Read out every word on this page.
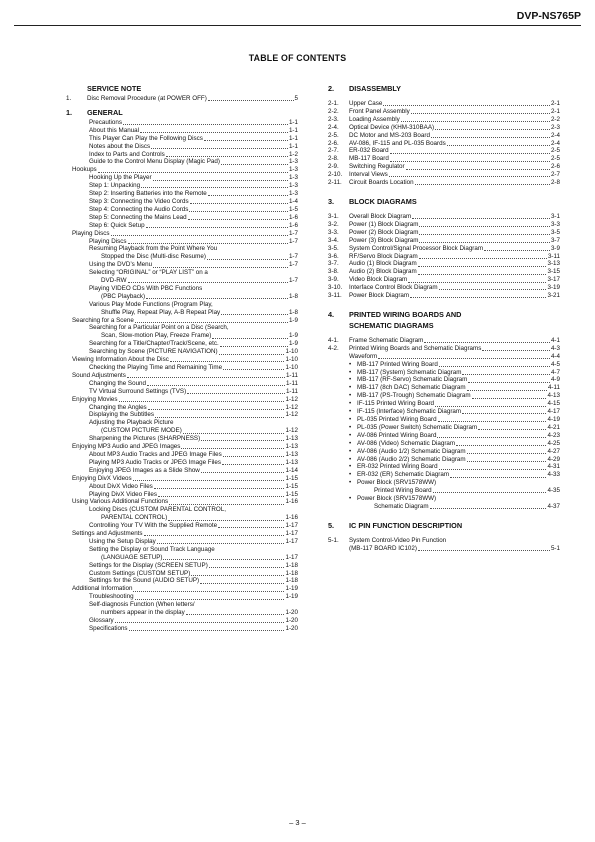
DVP-NS765P
TABLE OF CONTENTS
SERVICE NOTE
1.	Disc Removal Procedure (at POWER OFF)	5
1.	GENERAL
Precautions	1-1
About this Manual	1-1
This Player Can Play the Following Discs	1-1
Notes about the Discs	1-1
Index to Parts and Controls	1-2
Guide to the Control Menu Display (Magic Pad)	1-3
Hookups	1-3
Hooking Up the Player	1-3
Step 1: Unpacking	1-3
Step 2: Inserting Batteries into the Remote	1-3
Step 3: Connecting the Video Cords	1-4
Step 4: Connecting the Audio Cords	1-5
Step 5: Connecting the Mains Lead	1-6
Step 6: Quick Setup	1-6
Playing Discs	1-7
Playing Discs	1-7
Resuming Playback from the Point Where You
Stopped the Disc (Multi-disc Resume)	1-7
Using the DVD’s Menu	1-7
Selecting “ORIGINAL” or “PLAY LIST” on a
DVD-RW	1-7
Playing VIDEO CDs With PBC Functions
(PBC Playback)	1-8
Various Play Mode Functions (Program Play,
Shuffle Play, Repeat Play, A-B Repeat Play	1-8
Searching for a Scene	1-9
Searching for a Particular Point on a Disc (Search,
Scan, Slow-motion Play, Freeze Frame)	1-9
Searching for a Title/Chapter/Track/Scene, etc.	1-9
Searching by Scene (PICTURE NAVIGATION)	1-10
Viewing Information About the Disc	1-10
Checking the Playing Time and Remaining Time	1-10
Sound Adjustments	1-11
Changing the Sound	1-11
TV Virtual Surround Settings (TVS)	1-11
Enjoying Movies	1-12
Changing the Angles	1-12
Displaying the Subtitles	1-12
Adjusting the Playback Picture
(CUSTOM PICTURE MODE)	1-12
Sharpening the Pictures (SHARPNESS)	1-13
Enjoying MP3 Audio and JPEG Images	1-13
About MP3 Audio Tracks and JPEG Image Files	1-13
Playing MP3 Audio Tracks or JPEG Image Files	1-13
Enjoying JPEG Images as a Slide Show	1-14
Enjoying DivX Videos	1-15
About DivX Video Files	1-15
Playing DivX Video Files	1-15
Using Various Additional Functions	1-16
Locking Discs (CUSTOM PARENTAL CONTROL,
PARENTAL CONTROL)	1-16
Controlling Your TV With the Supplied Remote	1-17
Settings and Adjustments	1-17
Using the Setup Display	1-17
Setting the Display or Sound Track Language
(LANGUAGE SETUP)	1-17
Settings for the Display (SCREEN SETUP)	1-18
Custom Settings (CUSTOM SETUP)	1-18
Settings for the Sound (AUDIO SETUP)	1-18
Additional Information	1-19
Troubleshooting	1-19
Self-diagnosis Function (When letters/
numbers appear in the display	1-20
Glossary	1-20
Specifications	1-20
2.	DISASSEMBLY
2-1.	Upper Case	2-1
2-2.	Front Panel Assembly	2-1
2-3.	Loading Assembly	2-2
2-4.	Optical Device (KHM-310BAA)	2-3
2-5.	DC Motor and MS-203 Board	2-4
2-6.	AV-086, IF-115 and PL-035 Boards	2-4
2-7.	ER-032 Board	2-5
2-8.	MB-117 Board	2-5
2-9.	Switching Regulator	2-6
2-10.	Interval Views	2-7
2-11.	Circuit Boards Location	2-8
3.	BLOCK DIAGRAMS
3-1.	Overall Block Diagram	3-1
3-2.	Power (1) Block Diagram	3-3
3-3.	Power (2) Block Diagram	3-5
3-4.	Power (3) Block Diagram	3-7
3-5.	System Control/Signal Processor Block Diagram	3-9
3-6.	RF/Servo Block Diagram	3-11
3-7.	Audio (1) Block Diagram	3-13
3-8.	Audio (2) Block Diagram	3-15
3-9.	Video Block Diagram	3-17
3-10.	Interface Control Block Diagram	3-19
3-11.	Power Block Diagram	3-21
4.	PRINTED WIRING BOARDS AND
SCHEMATIC DIAGRAMS
4-1.	Frame Schematic Diagram	4-1
4-2.	Printed Wiring Boards and Schematic Diagrams	4-3
Waveform	4-4
• MB-117 Printed Wiring Board	4-5
• MB-117 (System) Schematic Diagram	4-7
• MB-117 (RF-Servo) Schematic Diagram	4-9
• MB-117 (8ch DAC) Schematic Diagram	4-11
• MB-117 (PS-Trough) Schematic Diagram	4-13
• IF-115 Printed Wiring Board	4-15
• IF-115 (Interface) Schematic Diagram	4-17
• PL-035 Printed Wiring Board	4-19
• PL-035 (Power Switch) Schematic Diagram	4-21
• AV-086 Printed Wiring Board	4-23
• AV-086 (Video) Schematic Diagram	4-25
• AV-086 (Audio 1/2) Schematic Diagram	4-27
• AV-086 (Audio 2/2) Schematic Diagram	4-29
• ER-032 Printed Wiring Board	4-31
• ER-032 (ER) Schematic Diagram	4-33
• Power Block (SRV1578WW)
Printed Wiring Board	4-35
• Power Block (SRV1578WW)
Schematic Diagram	4-37
5.	IC PIN FUNCTION DESCRIPTION
5-1.	System Control-Video Pin Function
(MB-117 BOARD IC102)	5-1
– 3 –
